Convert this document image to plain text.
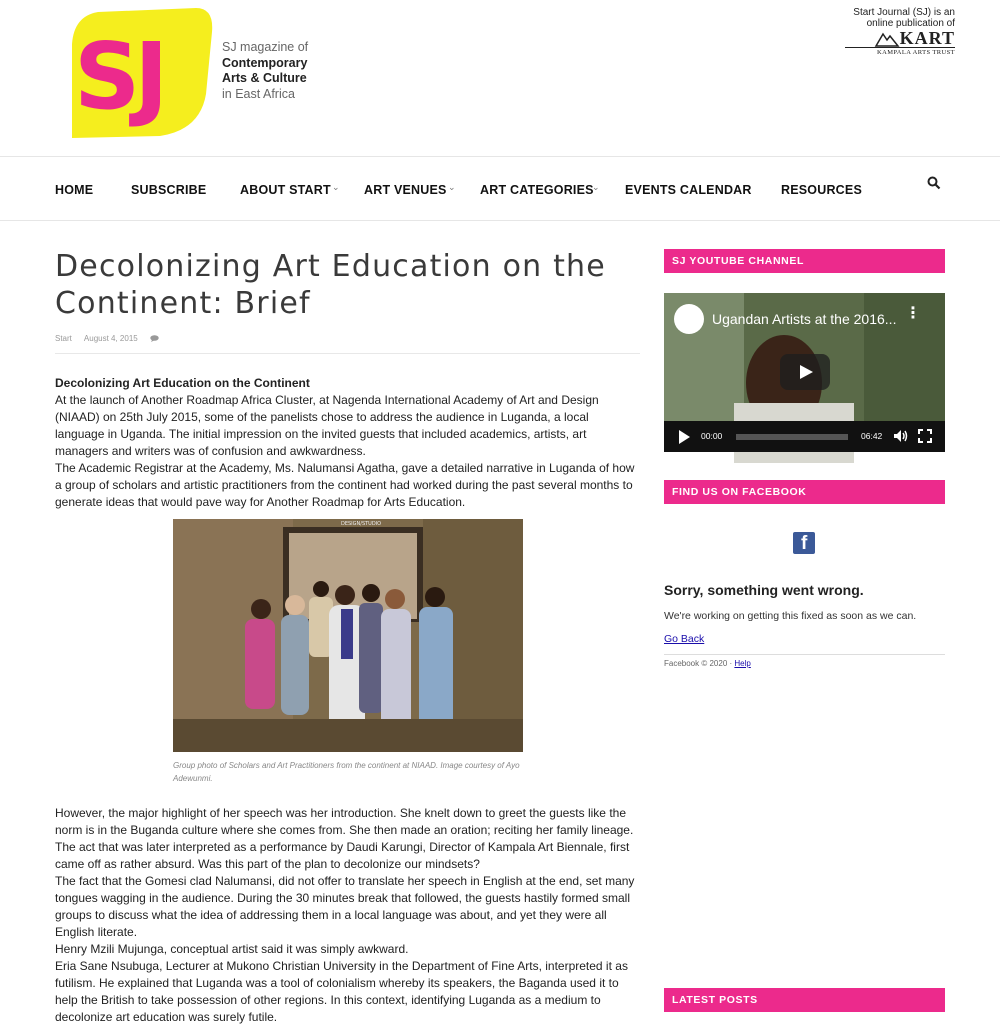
SJ	SJ magazine of
Contemporary
Arts & Culture
in East Africa
Start Journal (SJ) is an
online publication of
KART
KAMPALA ARTS TRUST
HOME	SUBSCRIBE	ABOUT START ⌄ ART VENUES ⌄ ART CATEGORIES
⌄ EVENTS CALENDAR RESOURCES
Decolonizing Art Education on the Continent: Brief
Start August 4, 2015

Decolonizing Art Education on the Continent

At the launch of Another Roadmap Africa Cluster, at Nagenda International Academy of Art and Design (NIAAD) on 25th July 2015, some of the panelists chose to address the audience in Luganda, a local language in Uganda. The initial impression on the invited guests that included academics, artists, art managers and writers was of confusion and awkwardness.

The Academic Registrar at the Academy, Ms. Nalumansi Agatha, gave a detailed narrative in Luganda of how a group of scholars and artistic practitioners from the continent had worked during the past several months to generate ideas that would pave way for Another Roadmap for Arts Education.

DESIGN/STUDIO
Group photo of Scholars and Art Practitioners from the continent at NIAAD. Image courtesy of Ayo Adewunmi.

However, the major highlight of her speech was her introduction. She knelt down to greet the guests like the norm is in the Buganda culture where she comes from. She then made an oration; reciting her family lineage. The act that was later interpreted as a performance by Daudi Karungi, Director of Kampala Art Biennale, first came off as rather absurd. Was this part of the plan to decolonize our mindsets?

The fact that the Gomesi clad Nalumansi, did not offer to translate her speech in English at the end, set many tongues wagging in the audience. During the 30 minutes break that followed, the guests hastily formed small groups to discuss what the idea of addressing them in a local language was about, and yet they were all English literate.

Henry Mzili Mujunga, conceptual artist said it was simply awkward.

Eria Sane Nsubuga, Lecturer at Mukono Christian University in the Department of Fine Arts, interpreted it as futilism. He explained that Luganda was a tool of colonialism whereby its speakers, the Baganda used it to help the British to take possession of other regions. In this context, identifying Luganda as a medium to decolonize art education was surely futile.

SJ YOUTUBE CHANNEL
Ugandan Artists at the 2016... ⋮
00:00	06:42
FIND US ON FACEBOOK
f
Sorry, something went wrong.
We're working on getting this fixed as soon as we can.
Go Back
Facebook © 2020 · Help
LATEST POSTS
